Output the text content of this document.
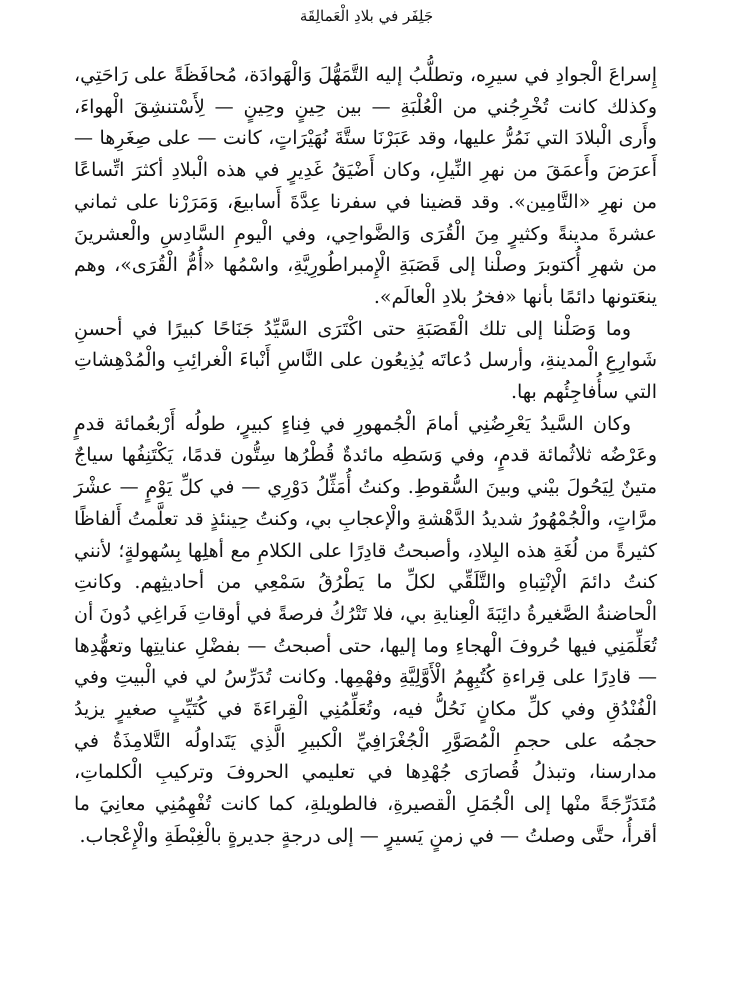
جَلِفَر في بلادِ الْعَمالِقَة

إِسراعَ الْجوادِ في سيرِه، وتطلُّبُ إليه التَّمَهُّلَ وَالْهَوادَة، مُحافَظَةً على رَاحَتِي، وكذلك كانت تُخْرِجُني من الْعُلْبَةِ — بين حِينٍ وحِينٍ — لِأَسْتنشِقَ الْهواءَ، وأَرى الْبلادَ التي نَمُرُّ عليها، وقد عَبَرْنَا ستَّةَ نُهَيْرَاتٍ، كانت — على صِغَرِها — أَعرَضَ وأَعمَقَ من نهرِ النِّيلِ، وكان أَضْيَقُ غَدِيرٍ في هذه الْبلادِ أكثرَ اتِّساعًا من نهرِ «التَّامِين». وقد قضينا في سفرنا عِدَّةَ أَسابيعَ، وَمَرَرْنا على ثماني عشرةَ مدينةً وكثيرٍ مِنَ الْقُرَى وَالضَّواحِي، وفي الْيومِ السَّادِسِ والْعشرينَ من شهرِ أُكتوبرَ وصلْنا إلى قَصَبَةِ الْإِمبراطُورِيَّةِ، واسْمُها «أُمُّ الْقُرَى»، وهم ينعَتونها دائمًا بأنها «فخرُ بلادِ الْعالَم».

وما وَصَلْنا إلى تلك الْقَصَبَةِ حتى اكْتَرَى السَّيِّدُ جَنَاحًا كبيرًا في أحسنِ شَوارِعِ الْمدينةِ، وأرسل دُعاتَه يُذِيعُون على النَّاسِ أَنْباءَ الْغرائِبِ والْمُدْهِشاتِ التي سأُفاجِئُهم بها.

وكان السَّيدُ يَعْرِضُنِي أمامَ الْجُمهورِ في فِناءٍ كبيرٍ، طولُه أَرْبعُمائة قدمٍ وعَرْضُه ثلاثُمائة قدمٍ، وفي وَسَطِه مائدةٌ قُطْرُها سِتُّون قدمًا، يَكْتَنِفُها سياجٌ متينٌ لِيَحُولَ بيْني وبينَ السُّقوطِ. وكنتُ أُمَثِّلُ دَوْرِي — في كلِّ يَوْمٍ — عشْرَ مرَّاتٍ، والْجُمْهُورُ شديدُ الدَّهْشةِ والْإعجابِ بي، وكنتُ حِينئذٍ قد تعلَّمتُ أَلفاظًا كثيرةً من لُغَةِ هذه البِلادِ، وأصبحتُ قادِرًا على الكلامِ مع أهلِها بِسُهولةٍ؛ لأنني كنتُ دائمَ الْإنْتِباهِ والتَّلَقِّي لكلِّ ما يَطْرُقُ سَمْعِي من أحاديثِهم. وكانتِ الْحاضنةُ الصَّغيرةُ دائِبَةَ الْعِنايةِ بي، فلا تَتْرُكُ فرصةً في أوقاتِ فَراغِي دُونَ أن تُعَلِّمَنِي فيها حُروفَ الْهجاءِ وما إليها، حتى أصبحتُ — بفضْلِ عنايتِها وتعهُّدِها — قادِرًا على قِراءةِ كُتُبِهِمُ الْأَوَّلِيَّةِ وفهْمِها. وكانت تُدَرِّسُ لي في الْبيتِ وفي الْفُنْدُقِ وفي كلِّ مكانٍ نَحُلُّ فيه، وتُعَلِّمُنِي الْقِراءَةَ في كُتَيِّبٍ صغيرٍ يزيدُ حجمُه على حجمِ الْمُصَوَّرِ الْجُغْرَافِيِّ الْكبيرِ الَّذِي يَتَداولُه التَّلامِذَةُ في مدارسنا، وتبذلُ قُصارَى جُهْدِها في تعليمي الحروفَ وتركيبِ الْكلماتِ، مُتَدَرِّجَةً منْها إلى الْجُمَلِ الْقصيرةِ، فالطويلةِ، كما كانت تُفْهِمُنِي معانِيَ ما أقرأُ، حتَّى وصلتُ — في زمنٍ يَسيرٍ — إلى درجةٍ جديرةٍ بالْغِبْطَةِ والْإِعْجاب.
